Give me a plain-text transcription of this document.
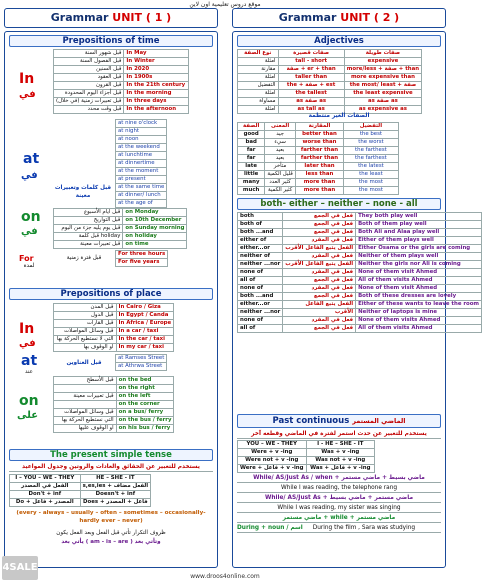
موقع دروس تعليمية اون لاين
Grammar UNIT ( 1 )	Grammar UNIT ( 2 )
Prepositions of time
In
في
قبل شهور السنة	In May
قبل الفصول السنة	In Winter
قبل السنين	In 2020
قبل العقود	In 1900s
قبل القرون	In the 21th century
قبل أجزاء اليوم المحدودة	In the morning
قبل تعبيرات زمنية (في خلال)	In three days
قبل وقت محدد	In the afternoon
at
في
قبل كلمات وتعبيرات معينة
at nine o'clock
at night
at noon
at the weekend
at lunchtime
at dinnertime
at the moment
at present
at the same time
at dinner/ lunch
at the age of
on
في
قبل ايام الأسبوع	on Monday
قبل التواريخ	on 10th December
قبل يوم يليه جزء من اليوم	on Sunday morning
قبل كلمة holiday	on holiday
قبل تعبيرات معينة	on time
For
لمدة
قبل فترة زمنية
For three hours
For five years
Prepositions of place
In
في
قبل المدن	In Cairo / Giza
قبل الدول	In Egypt / Canda
قبل القارات	In Africa / Europe
قبل وسائل المواصلات	In a car / taxi
التي لا نستطيع الحركة بها	In the car / taxi
او الوقوف بها	In my car / taxi
at
عند
قبل العناوين
at Ramses Street
at Athrwa Street
on
على
قبل الأسطح	on the bed
	on the right
قبل تعبيرات معينة	on the left
	on the corner
قبل وسائل المواصلات	on a bus/ ferry
التي نستطيع الحركة بها	on the bus / ferry
او الوقوف عليها	on his bus / ferry
The present simple tense
يستخدم للتعبير عن الحقائق والعادات والروتين وجدول المواعيد
I – YOU – WE - THEY	HE – SHE - IT
الفعل في المصدر	s,es,ies + الفعل مضاف
Don't + inf	Doesn't + inf
Do + المصدر + فاعل	Does + فاعل + المصدر
(every - always – usually – often – sometimes – occasionally- hardly ever – never)
ظروف التكرار تأتي قبل الفعل وبعد الفعل يكون
يأتي بعد ( am - is – are ) وتأتي بعد
Adjectives
نوع الصفة	صفات قصيرة	صفات طويلة
امثلة	tall - short	expensive
مقارنة	صفة + er + than	more/less + صفة + than
امثلة	taller than	more expensive than
التفضيل	the + صفة + est	the most/ least + صفة
امثلة	the tallest	the least expensive
مساواة	as صفة as	as صفة as
امثلة	as tall as	as expensive as
الصفات الغير منتظمة
الصفة	المعنى	المقارنة	التفضيل
good	جيد	better than	the best
bad	سيء	worse than	the worst
far	بعيد	farther than	the farthest
far	بعيد	farther than	the farthest
late	متأخر	later than	the latest
little	قليل الكمية	less than	the least
many	كثير العدد	more than	the most
much	كثير الكمية	more than	the most
both- either – neither – none - all
both	فعل في الجمع	They both play well
both of	فعل في الجمع	Both of them play well
both ...and	فعل في الجمع	Both Ali and Alaa play well
either of	فعل في المفرد	Either of them plays well
either...or	الفعل يتبع الفاعل الأقرب	Either Osama or the girls are coming
neither of	فعل في المفرد	Neither of them plays well
neither ...nor	الفعل يتبع الفاعل الأقرب	Neither the girls nor Ali is coming
none of	فعل في المفرد	None of them visit Ahmed
all of	فعل في الجمع	All of them visits Ahmed
none of	فعل في المفرد	None of them visit Ahmed
both ...and	فعل في الجمع	Both of these dresses are lovely
either...or	الفعل يتبع الفاعل	Either of these wants to leave the room
neither ...nor	الأقرب	Neither of laptops is mine
none of	فعل في المفرد	None of them visits Ahmed
all of	فعل في الجمع	All of them visits Ahmed
Past continuous الماضي المستمر
يستخدم للتعبير عن حدث استمر لفترة في الماضي وقطعه آخر
YOU – WE - THEY	I - HE – SHE - IT
Were + v -ing	Was + v -ing
Were not + v -ing	Was not + v -ing
Were + فاعل + v -ing	Was + فاعل + v -ing
While/ AS/Just As / when + ماضي بسيط + ماضي مستمر
While I was reading, the telephone rang
While/ AS/Just As + ماضي مستمر + ماضي بسيط
While I was reading, my sister was singing
ماضي مستمر + while + ماضي مستمر
During + noun / اسم During the film , Sara was studying
4SALE
www.droos4online.com
